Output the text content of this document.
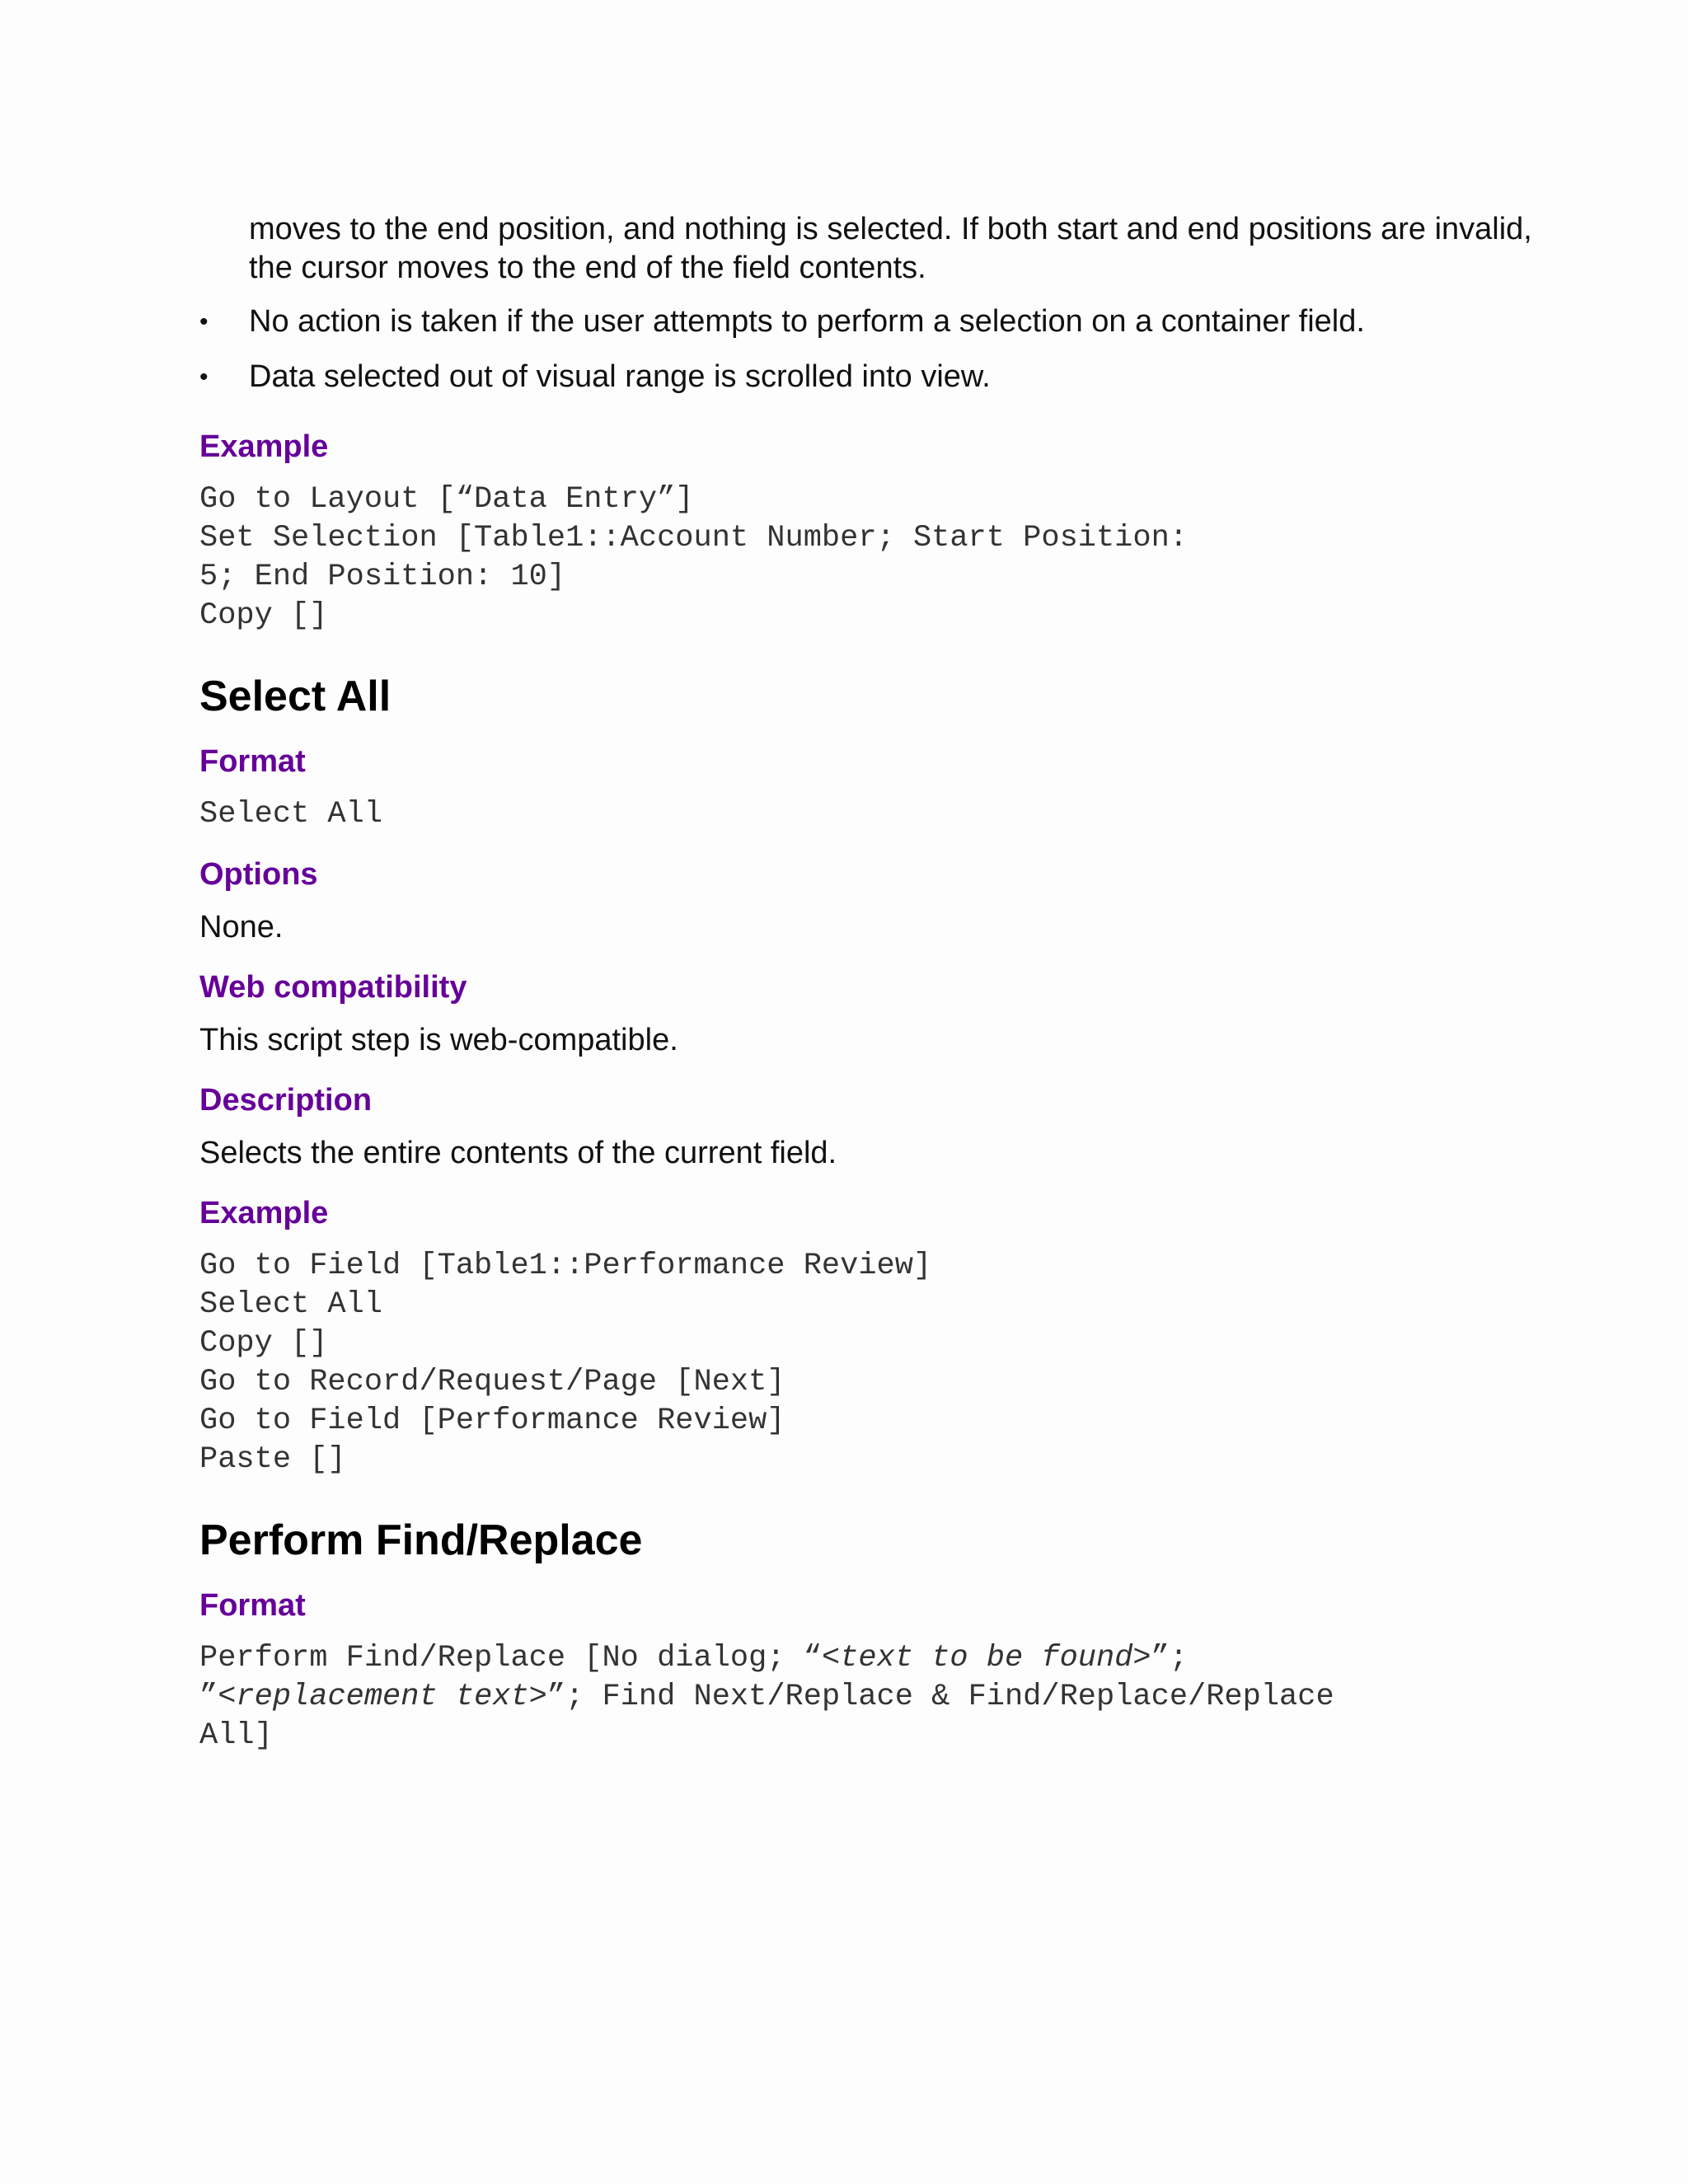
moves to the end position, and nothing is selected. If both start and end positions are invalid, the cursor moves to the end of the field contents.

• No action is taken if the user attempts to perform a selection on a container field.
• Data selected out of visual range is scrolled into view.
Example
Go to Layout [“Data Entry”]
Set Selection [Table1::Account Number; Start Position:
5; End Position: 10]
Copy []
Select All
Format
Select All
Options

None.

Web compatibility

This script step is web-compatible.

Description

Selects the entire contents of the current field.

Example
Go to Field [Table1::Performance Review]
Select All
Copy []
Go to Record/Request/Page [Next]
Go to Field [Performance Review]
Paste []
Perform Find/Replace
Format
Perform Find/Replace [No dialog; “<text to be found>”;
”<replacement text>”; Find Next/Replace & Find/Replace/Replace
All]
